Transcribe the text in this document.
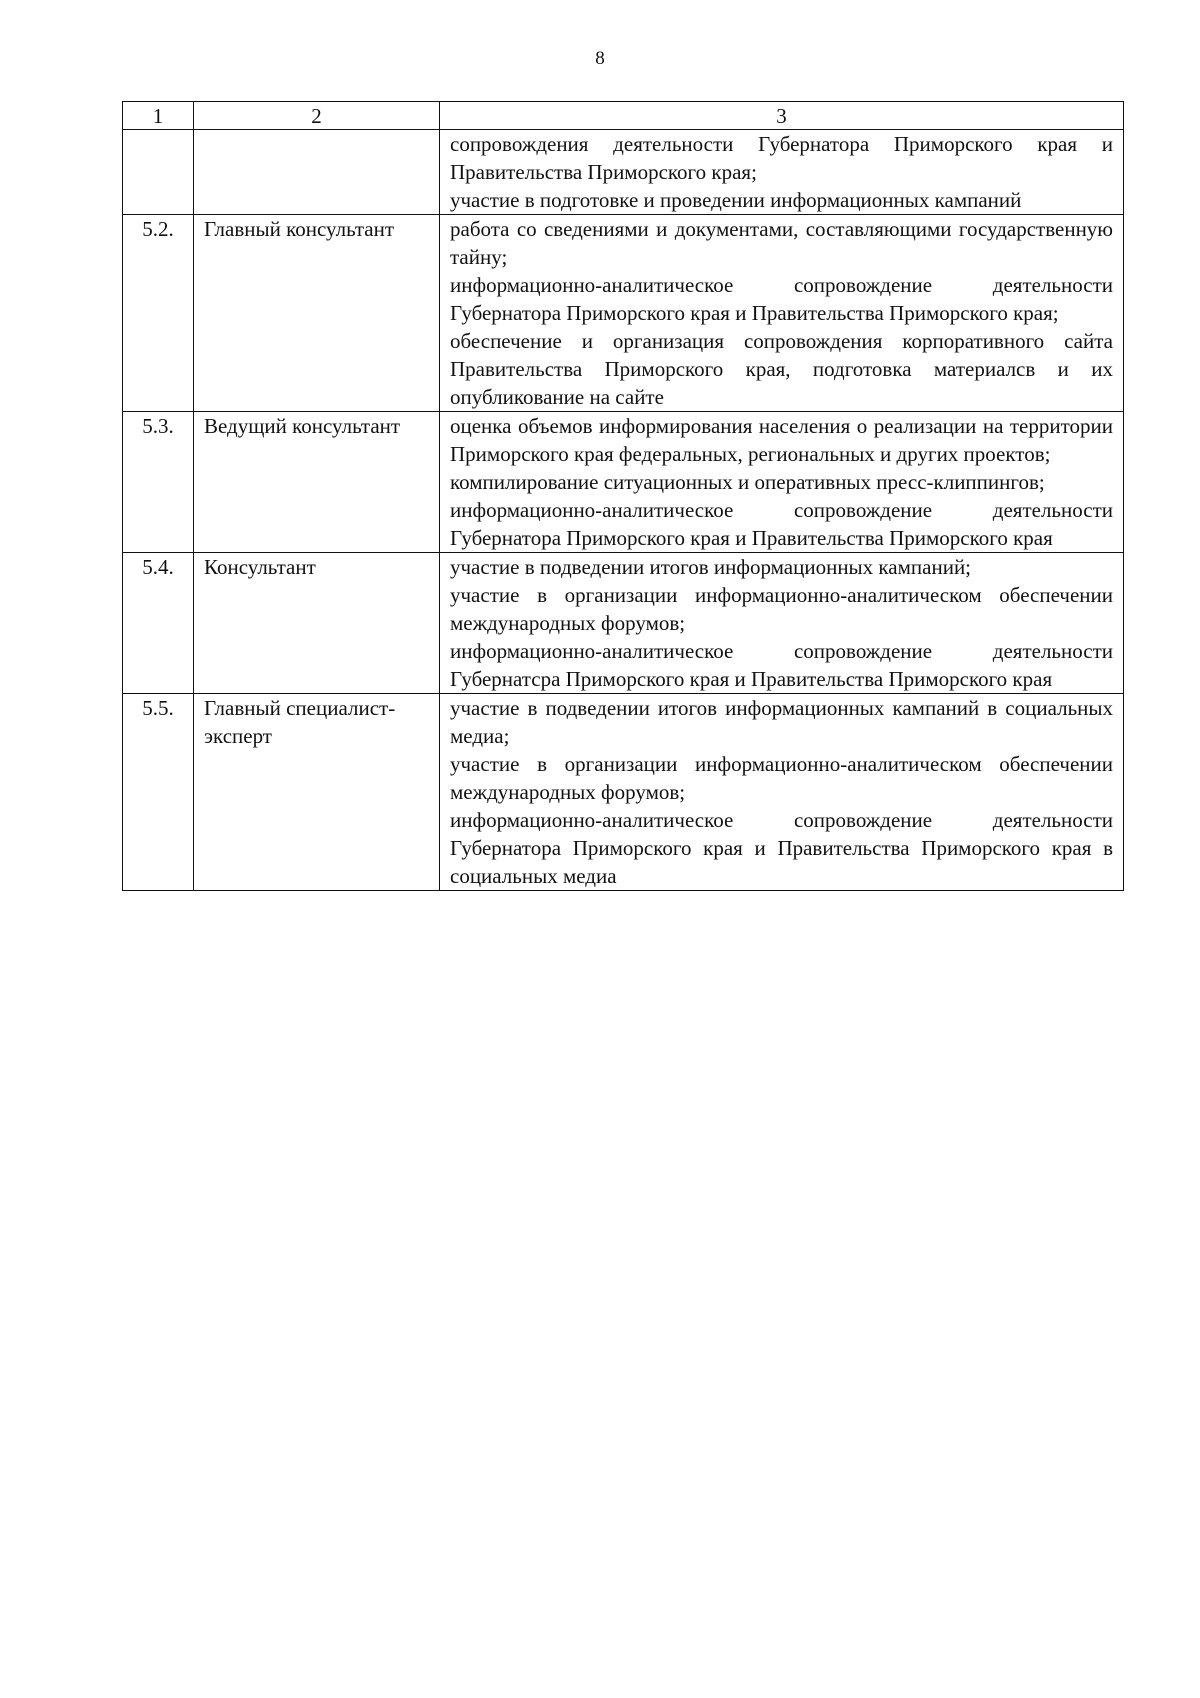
8
1	2	3

		сопровождения деятельности Губернатора Приморского края и Правительства Приморского края;
участие в подготовке и проведении информационных кампаний

5.2.	Главный консультант	работа со сведениями и документами, составляющими государственную тайну;
информационно-аналитическое сопровождение деятельности Губернатора Приморского края и Правительства Приморского края;
обеспечение и организация сопровождения корпоративного сайта Правительства Приморского края, подготовка материалсв и их опубликование на сайте

5.3.	Ведущий консультант	оценка объемов информирования населения о реализации на территории Приморского края федеральных, региональных и других проектов;
компилирование ситуационных и оперативных пресс-клиппингов;
информационно-аналитическое сопровождение деятельности Губернатора Приморского края и Правительства Приморского края

5.4.	Консультант	участие в подведении итогов информационных кампаний;
участие в организации информационно-аналитическом обеспечении международных форумов;
информационно-аналитическое сопровождение деятельности Губернатсра Приморского края и Правительства Приморского края

5.5.	Главный специалист-эксперт	участие в подведении итогов информационных кампаний в социальных медиа;
участие в организации информационно-аналитическом обеспечении международных форумов;
информационно-аналитическое сопровождение деятельности Губернатора Приморского края и Правительства Приморского края в социальных медиа
